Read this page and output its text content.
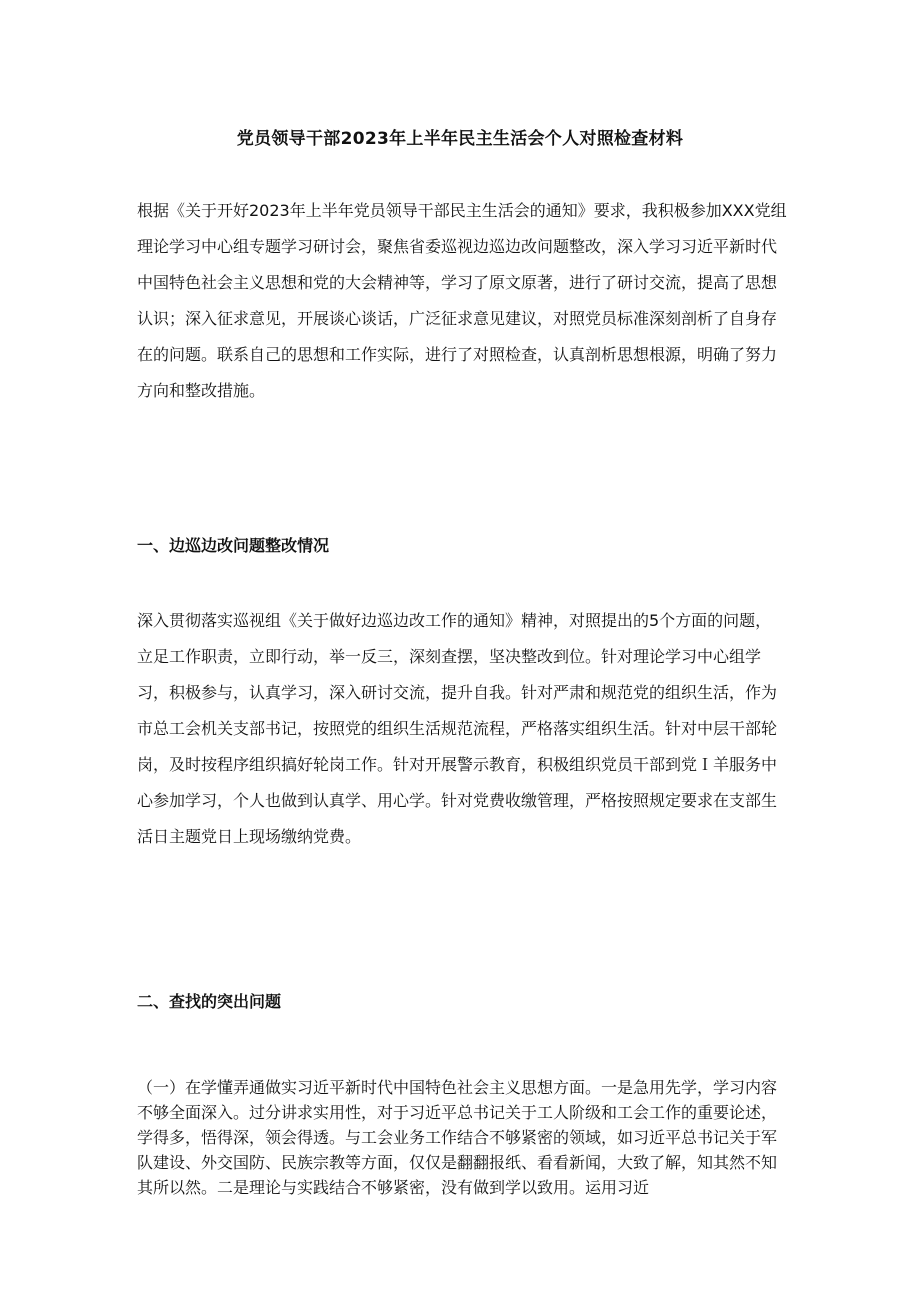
党员领导干部2023年上半年民主生活会个人对照检查材料

根据《关于开好2023年上半年党员领导干部民主生活会的通知》要求，我积极参加XXX党组理论学习中心组专题学习研讨会，聚焦省委巡视边巡边改问题整改，深入学习习近平新时代中国特色社会主义思想和党的大会精神等，学习了原文原著，进行了研讨交流，提高了思想认识；深入征求意见，开展谈心谈话，广泛征求意见建议，对照党员标准深刻剖析了自身存在的问题。联系自己的思想和工作实际，进行了对照检查，认真剖析思想根源，明确了努力方向和整改措施。

一、边巡边改问题整改情况

深入贯彻落实巡视组《关于做好边巡边改工作的通知》精神，对照提出的5个方面的问题，立足工作职责，立即行动，举一反三，深刻查摆，坚决整改到位。针对理论学习中心组学习，积极参与，认真学习，深入研讨交流，提升自我。针对严肃和规范党的组织生活，作为市总工会机关支部书记，按照党的组织生活规范流程，严格落实组织生活。针对中层干部轮岗，及时按程序组织搞好轮岗工作。针对开展警示教育，积极组织党员干部到党Ｉ羊服务中心参加学习，个人也做到认真学、用心学。针对党费收缴管理，严格按照规定要求在支部生活日主题党日上现场缴纳党费。

二、查找的突出问题

（一）在学懂弄通做实习近平新时代中国特色社会主义思想方面。一是急用先学，学习内容不够全面深入。过分讲求实用性，对于习近平总书记关于工人阶级和工会工作的重要论述，学得多，悟得深，领会得透。与工会业务工作结合不够紧密的领域，如习近平总书记关于军队建设、外交国防、民族宗教等方面，仅仅是翻翻报纸、看看新闻，大致了解，知其然不知其所以然。二是理论与实践结合不够紧密，没有做到学以致用。运用习近
